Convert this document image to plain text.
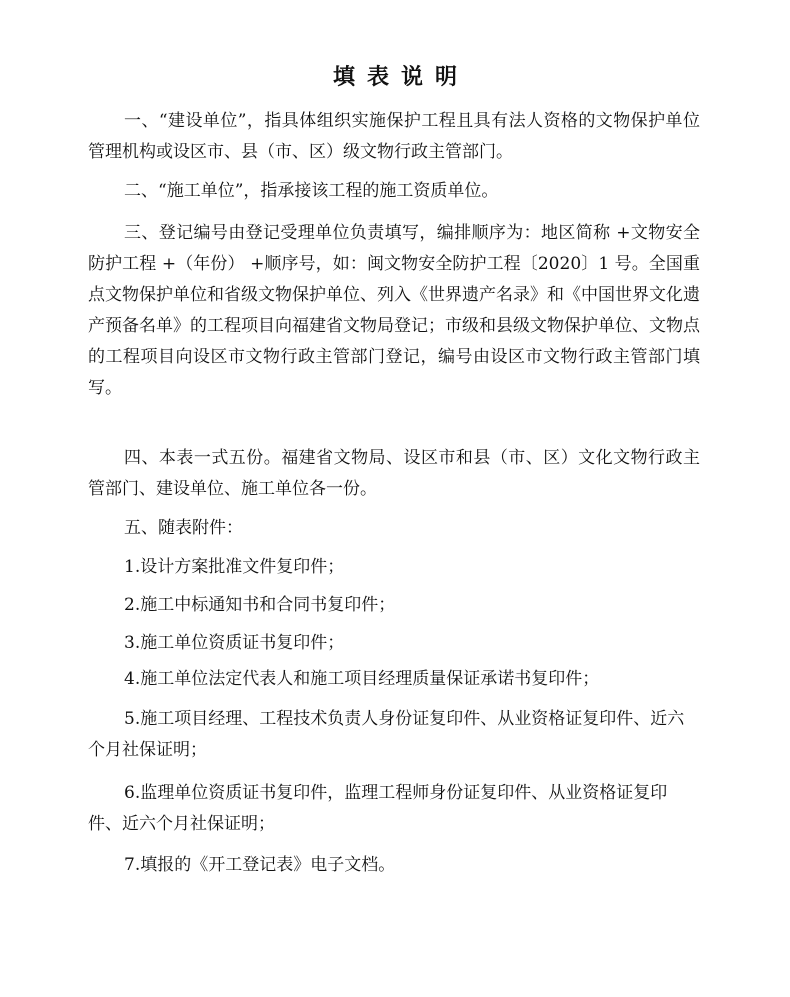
填表说明

一、“建设单位”，指具体组织实施保护工程且具有法人资格的文物保护单位管理机构或设区市、县（市、区）级文物行政主管部门。

二、“施工单位”，指承接该工程的施工资质单位。

三、登记编号由登记受理单位负责填写，编排顺序为：地区简称 +文物安全防护工程 +（年份） +顺序号，如：闽文物安全防护工程〔2020〕1 号。全国重点文物保护单位和省级文物保护单位、列入《世界遗产名录》和《中国世界文化遗产预备名单》的工程项目向福建省文物局登记；市级和县级文物保护单位、文物点的工程项目向设区市文物行政主管部门登记，编号由设区市文物行政主管部门填写。

四、本表一式五份。福建省文物局、设区市和县（市、区）文化文物行政主管部门、建设单位、施工单位各一份。

五、随表附件：

1.设计方案批准文件复印件；

2.施工中标通知书和合同书复印件；

3.施工单位资质证书复印件；

4.施工单位法定代表人和施工项目经理质量保证承诺书复印件；

5.施工项目经理、工程技术负责人身份证复印件、从业资格证复印件、近六个月社保证明；

6.监理单位资质证书复印件，监理工程师身份证复印件、从业资格证复印件、近六个月社保证明；

7.填报的《开工登记表》电子文档。
